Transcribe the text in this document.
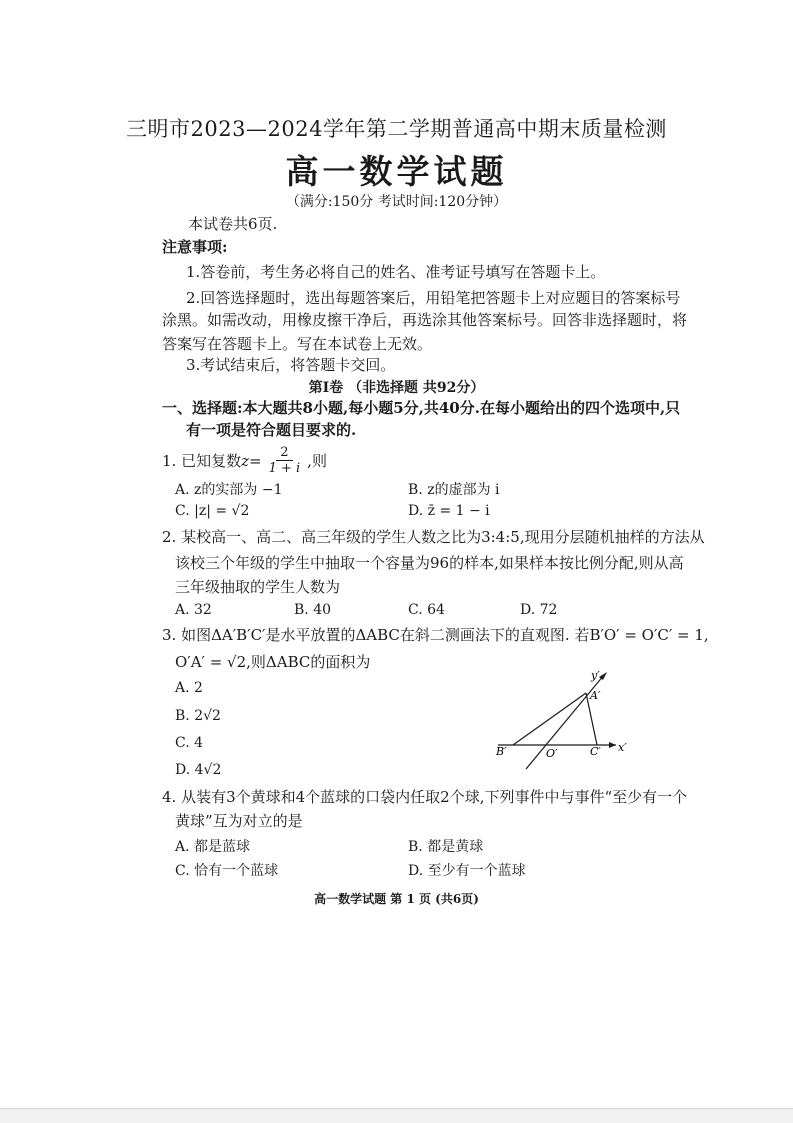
三明市2023—2024学年第二学期普通高中期末质量检测
高一数学试题
（满分:150分 考试时间:120分钟）
本试卷共6页.
注意事项:
1.答卷前，考生务必将自己的姓名、准考证号填写在答题卡上。
2.回答选择题时，选出每题答案后，用铅笔把答题卡上对应题目的答案标号
涂黑。如需改动，用橡皮擦干净后，再选涂其他答案标号。回答非选择题时，将
答案写在答题卡上。写在本试卷上无效。
3.考试结束后，将答题卡交回。
第Ⅰ卷 （非选择题 共92分）
一、选择题:本大题共8小题,每小题5分,共40分.在每小题给出的四个选项中,只
有一项是符合题目要求的.
1. 已知复数 $z = \frac{2}{1 + i}$ ,则
A. z的实部为 −1	B. z的虚部为 i
C. |z| = √2	D. z̄ = 1 − i
2. 某校高一、高二、高三年级的学生人数之比为3:4:5,现用分层随机抽样的方法从
该校三个年级的学生中抽取一个容量为96的样本,如果样本按比例分配,则从高
三年级抽取的学生人数为
A. 32	B. 40	C. 64	D. 72
3. 如图ΔA′B′C′是水平放置的ΔABC在斜二测画法下的直观图. 若B′O′ = O′C′ = 1,
O′A′ = √2,则ΔABC的面积为
A. 2
B. 2√2
C. 4
D. 4√2
y′
x′
A′
B′	O′	C′
4. 从装有3个黄球和4个蓝球的口袋内任取2个球,下列事件中与事件“至少有一个
黄球”互为对立的是
A. 都是蓝球	B. 都是黄球
C. 恰有一个蓝球	D. 至少有一个蓝球
高一数学试题 第 1 页 (共6页)
